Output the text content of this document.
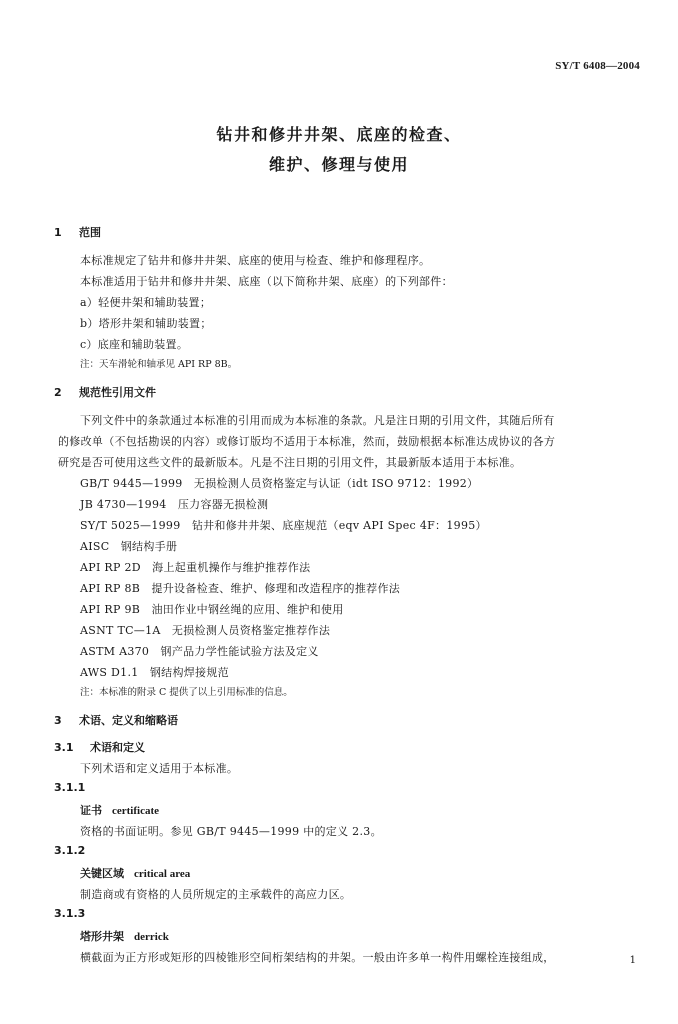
SY/T 6408—2004
钻井和修井井架、底座的检查、
维护、修理与使用
1 范围
本标准规定了钻井和修井井架、底座的使用与检查、维护和修理程序。
本标准适用于钻井和修井井架、底座（以下简称井架、底座）的下列部件：
a）轻便井架和辅助装置；
b）塔形井架和辅助装置；
c）底座和辅助装置。
注：天车滑轮和轴承见 API RP 8B。
2 规范性引用文件
下列文件中的条款通过本标准的引用而成为本标准的条款。凡是注日期的引用文件，其随后所有
的修改单（不包括勘误的内容）或修订版均不适用于本标准，然而，鼓励根据本标准达成协议的各方
研究是否可使用这些文件的最新版本。凡是不注日期的引用文件，其最新版本适用于本标准。
GB/T 9445—1999　无损检测人员资格鉴定与认证（idt ISO 9712：1992）
JB 4730—1994　压力容器无损检测
SY/T 5025—1999　钻井和修井井架、底座规范（eqv API Spec 4F：1995）
AISC　钢结构手册
API RP 2D　海上起重机操作与维护推荐作法
API RP 8B　提升设备检查、维护、修理和改造程序的推荐作法
API RP 9B　油田作业中钢丝绳的应用、维护和使用
ASNT TC—1A　无损检测人员资格鉴定推荐作法
ASTM A370　钢产品力学性能试验方法及定义
AWS D1.1　钢结构焊接规范
注：本标准的附录 C 提供了以上引用标准的信息。
3 术语、定义和缩略语
3.1 术语和定义
下列术语和定义适用于本标准。
3.1.1
证书 certificate
资格的书面证明。参见 GB/T 9445—1999 中的定义 2.3。
3.1.2
关键区域 critical area
制造商或有资格的人员所规定的主承载件的高应力区。
3.1.3
塔形井架 derrick
横截面为正方形或矩形的四棱锥形空间桁架结构的井架。一般由许多单一构件用螺栓连接组成，	1
